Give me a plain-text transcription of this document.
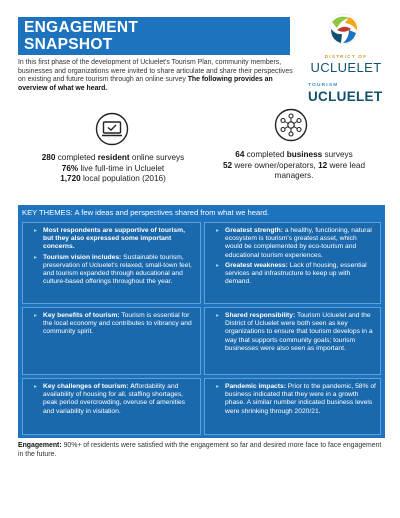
ENGAGEMENT
SNAPSHOT
In this first phase of the development of Ucluelet's Tourism Plan, community members, businesses and organizations were invited to share articulate and share their perspectives on existing and future tourism through an online survey The following provides an overview of what we heard.
DISTRICT OF
UCLUELET
TOURISM
UCLUELET
280 completed resident online surveys
76% live full-time in Ucluelet
1,720 local population (2016)
64 completed business surveys
52 were owner/operators, 12 were lead
managers.
KEY THEMES: A few ideas and perspectives shared from what we heard.
▸ Most respondents are supportive of tourism, but they also expressed some important concerns.
▸ Tourism vision includes: Sustainable tourism, preservation of Ucluelet's relaxed, small-town feel, and tourism expanded through educational and culture-based offerings throughout the year.
▸ Greatest strength: a healthy, functioning, natural ecosystem is tourism's greatest asset, which would be complemented by eco-tourism and educational tourism experiences.
▸ Greatest weakness: Lack of housing, essential services and infrastructure to keep up with demand.
▸ Key benefits of tourism: Tourism is essential for the local economy and contributes to vibrancy and community spirit.
▸ Shared responsibility: Tourism Ucluelet and the District of Ucluelet were both seen as key organizations to ensure that tourism develops in a way that supports community goals; tourism businesses were also seen as important.
▸ Key challenges of tourism: Affordability and availability of housing for all, staffing shortages, peak period overcrowding, overuse of amenities and variability in visitation.
▸ Pandemic impacts: Prior to the pandemic, 58% of business indicated that they were in a growth phase. A similar number indicated business levels were shrinking through 2020/21.
Engagement: 90%+ of residents were satisfied with the engagement so far and desired more face to face engagement in the future.
